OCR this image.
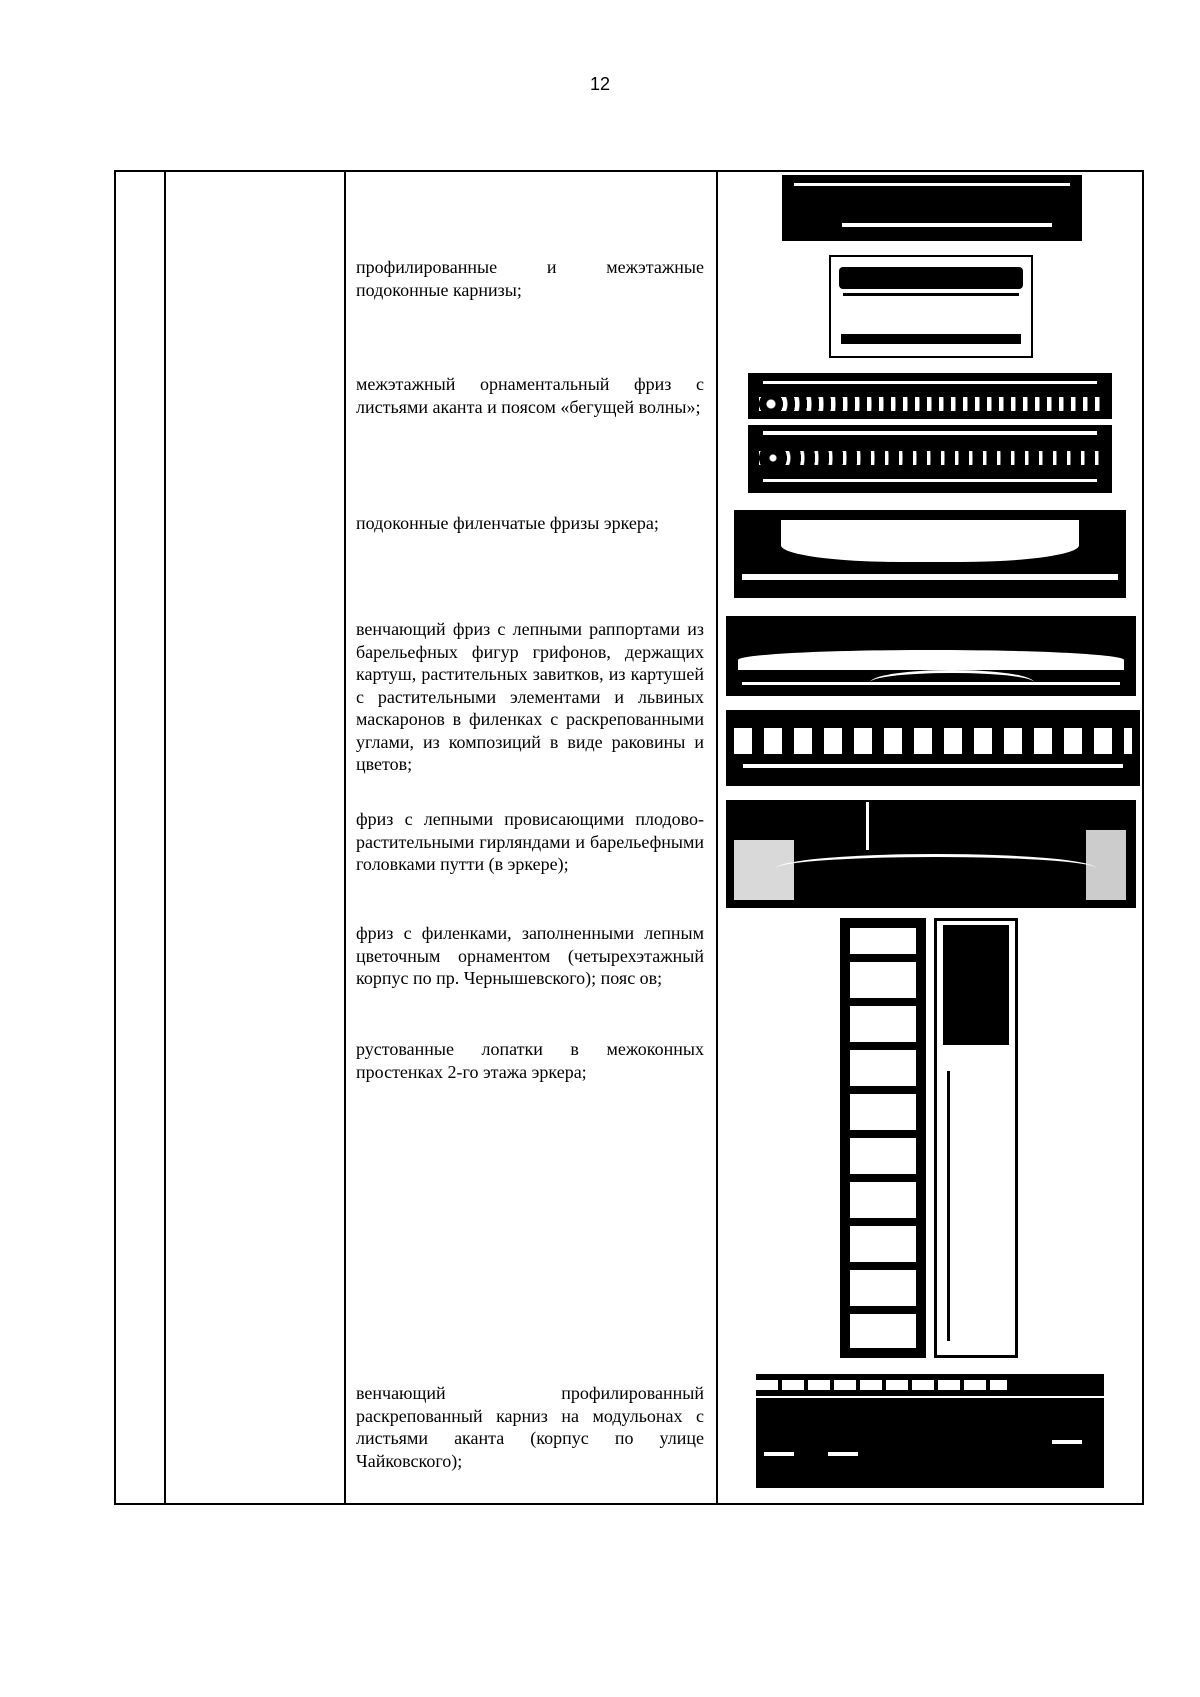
12
профилированные и межэтажные подоконные карнизы;
межэтажный орнаментальный фриз с листьями аканта и поясом «бегущей волны»;
подоконные филенчатые фризы эркера;
венчающий фриз с лепными раппортами из барельефных фигур грифонов, держащих картуш, растительных завитков, из картушей с растительными элементами и львиных маскаронов в филенках с раскрепованными углами, из композиций в виде раковины и цветов;
фриз с лепными провисающими плодово-растительными гирляндами и барельефными головками путти (в эркере);
фриз с филенками, заполненными лепным цветочным орнаментом (четырехэтажный корпус по пр. Чернышевского); пояс ов;
рустованные лопатки в межоконных простенках 2-го этажа эркера;
венчающий профилированный раскрепованный карниз на модульонах с листьями аканта (корпус по улице Чайковского);
